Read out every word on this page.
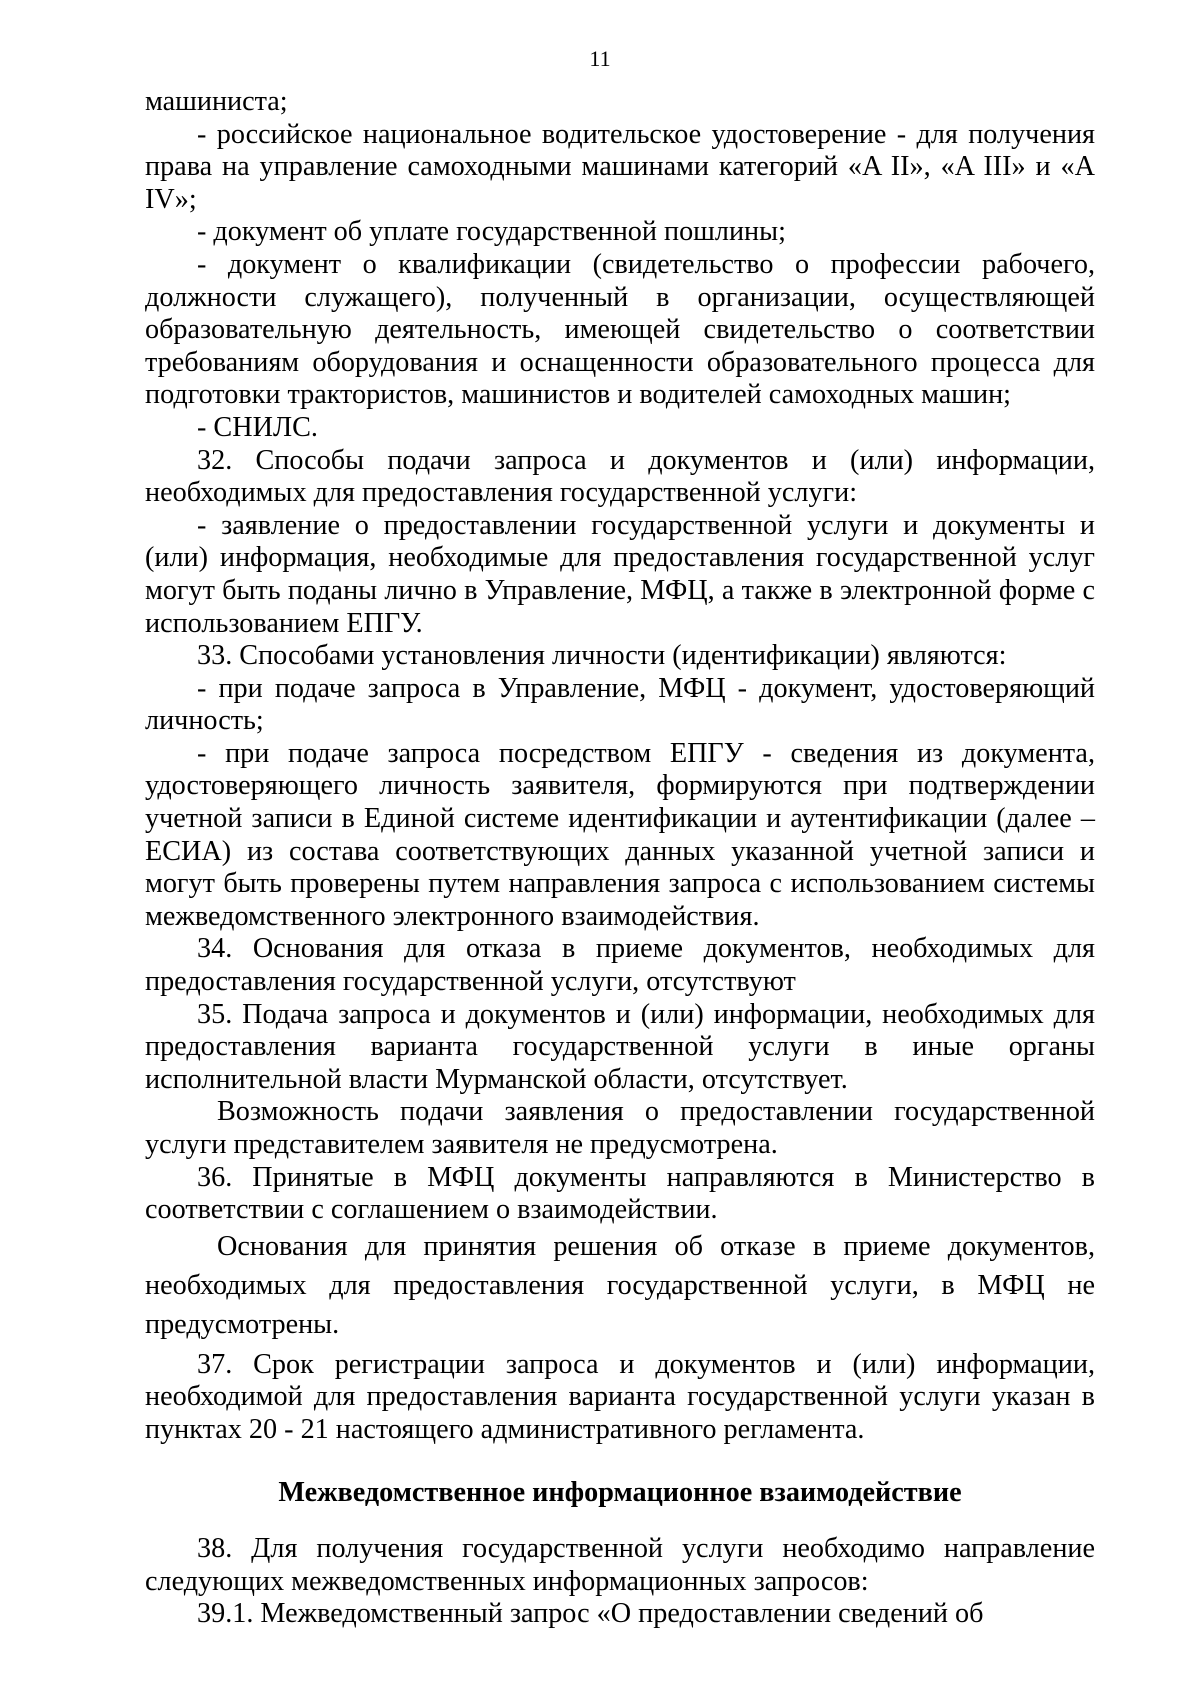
11

машиниста;

- российское национальное водительское удостоверение - для получения права на управление самоходными машинами категорий «A II», «A III» и «A IV»;

- документ об уплате государственной пошлины;

- документ о квалификации (свидетельство о профессии рабочего, должности служащего), полученный в организации, осуществляющей образовательную деятельность, имеющей свидетельство о соответствии требованиям оборудования и оснащенности образовательного процесса для подготовки трактористов, машинистов и водителей самоходных машин;

- СНИЛС.

32. Способы подачи запроса и документов и (или) информации, необходимых для предоставления государственной услуги:

- заявление о предоставлении государственной услуги и документы и (или) информация, необходимые для предоставления государственной услуг могут быть поданы лично в Управление, МФЦ, а также в электронной форме с использованием ЕПГУ.

33. Способами установления личности (идентификации) являются:

- при подаче запроса в Управление, МФЦ - документ, удостоверяющий личность;

- при подаче запроса посредством ЕПГУ - сведения из документа, удостоверяющего личность заявителя, формируются при подтверждении учетной записи в Единой системе идентификации и аутентификации (далее – ЕСИА) из состава соответствующих данных указанной учетной записи и могут быть проверены путем направления запроса с использованием системы межведомственного электронного взаимодействия.

34. Основания для отказа в приеме документов, необходимых для предоставления государственной услуги, отсутствуют

35. Подача запроса и документов и (или) информации, необходимых для предоставления варианта государственной услуги в иные органы исполнительной власти Мурманской области, отсутствует.

Возможность подачи заявления о предоставлении государственной услуги представителем заявителя не предусмотрена.

36. Принятые в МФЦ документы направляются в Министерство в соответствии с соглашением о взаимодействии.

Основания для принятия решения об отказе в приеме документов, необходимых для предоставления государственной услуги, в МФЦ не предусмотрены.

37. Срок регистрации запроса и документов и (или) информации, необходимой для предоставления варианта государственной услуги указан в пунктах 20 - 21 настоящего административного регламента.

Межведомственное информационное взаимодействие

38. Для получения государственной услуги необходимо направление следующих межведомственных информационных запросов:

39.1. Межведомственный запрос «О предоставлении сведений об
